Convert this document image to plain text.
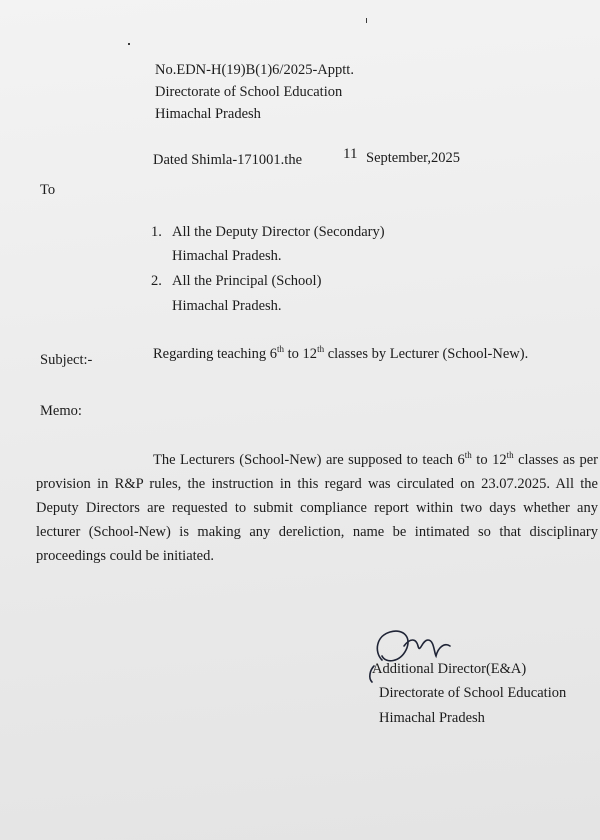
No.EDN-H(19)B(1)6/2025-Apptt.
Directorate of School Education
Himachal Pradesh
Dated Shimla-171001.the	11 September,2025
To
1. All the Deputy Director (Secondary)
Himachal Pradesh.
2. All the Principal (School)
Himachal Pradesh.
Subject:-	Regarding teaching 6th to 12th classes by Lecturer (School-New).
Memo:
The Lecturers (School-New) are supposed to teach 6th to 12th classes as per provision in R&P rules, the instruction in this regard was circulated on 23.07.2025. All the Deputy Directors are requested to submit compliance report within two days whether any lecturer (School-New) is making any dereliction, name be intimated so that disciplinary proceedings could be initiated.
Additional Director(E&A)
Directorate of School Education
Himachal Pradesh
